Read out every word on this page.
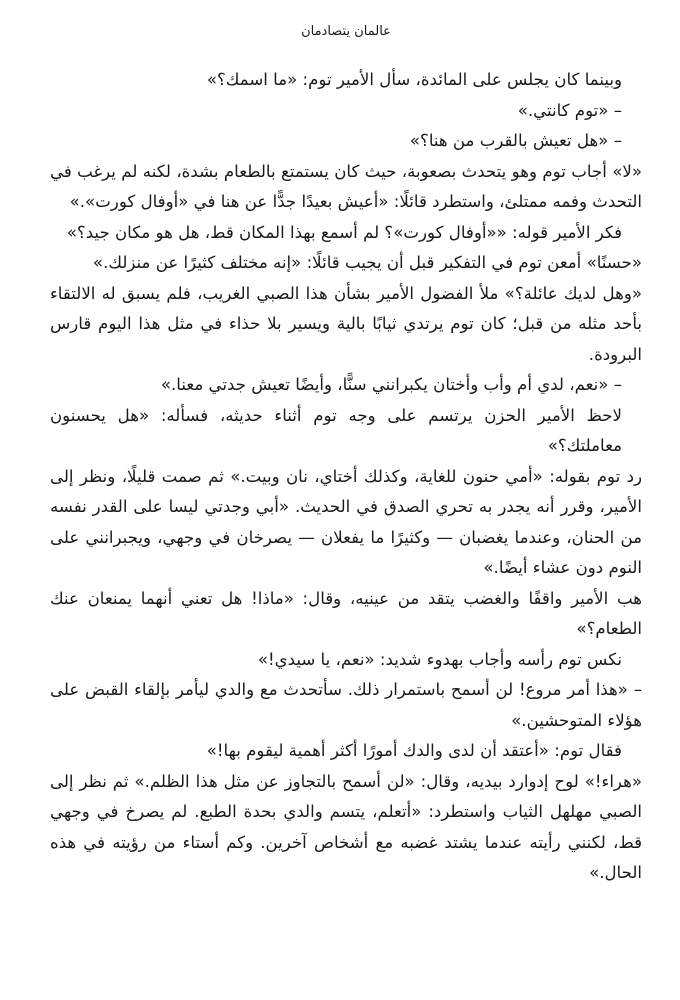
عالمان يتصادمان

وبينما كان يجلس على المائدة، سأل الأمير توم: «ما اسمك؟»

– «توم كانتي.»

– «هل تعيش بالقرب من هنا؟»

«لا» أجاب توم وهو يتحدث بصعوبة، حيث كان يستمتع بالطعام بشدة، لكنه لم يرغب في التحدث وفمه ممتلئ، واستطرد قائلًا: «أعيش بعيدًا جدًّا عن هنا في «أوفال كورت».»

فكر الأمير قوله: ««أوفال كورت»؟ لم أسمع بهذا المكان قط، هل هو مكان جيد؟»

«حسنًا» أمعن توم في التفكير قبل أن يجيب قائلًا: «إنه مختلف كثيرًا عن منزلك.»

«وهل لديك عائلة؟» ملأ الفضول الأمير بشأن هذا الصبي الغريب، فلم يسبق له الالتقاء بأحد مثله من قبل؛ كان توم يرتدي ثيابًا بالية ويسير بلا حذاء في مثل هذا اليوم قارس البرودة.

– «نعم، لدي أم وأب وأختان يكبرانني سنًّا، وأيضًا تعيش جدتي معنا.»

لاحظ الأمير الحزن يرتسم على وجه توم أثناء حديثه، فسأله: «هل يحسنون معاملتك؟»

رد توم بقوله: «أمي حنون للغاية، وكذلك أختاي، نان وبيت.» ثم صمت قليلًا، ونظر إلى الأمير، وقرر أنه يجدر به تحري الصدق في الحديث. «أبي وجدتي ليسا على القدر نفسه من الحنان، وعندما يغضبان — وكثيرًا ما يفعلان — يصرخان في وجهي، ويجبرانني على النوم دون عشاء أيضًا.»

هب الأمير واقفًا والغضب يتقد من عينيه، وقال: «ماذا! هل تعني أنهما يمنعان عنك الطعام؟»

نكس توم رأسه وأجاب بهدوء شديد: «نعم، يا سيدي!»

– «هذا أمر مروع! لن أسمح باستمرار ذلك. سأتحدث مع والدي ليأمر بإلقاء القبض على هؤلاء المتوحشين.»

فقال توم: «أعتقد أن لدى والدك أمورًا أكثر أهمية ليقوم بها!»

«هراء!» لوح إدوارد بيديه، وقال: «لن أسمح بالتجاوز عن مثل هذا الظلم.» ثم نظر إلى الصبي مهلهل الثياب واستطرد: «أتعلم، يتسم والدي بحدة الطبع. لم يصرخ في وجهي قط، لكنني رأيته عندما يشتد غضبه مع أشخاص آخرين. وكم أستاء من رؤيته في هذه الحال.»
